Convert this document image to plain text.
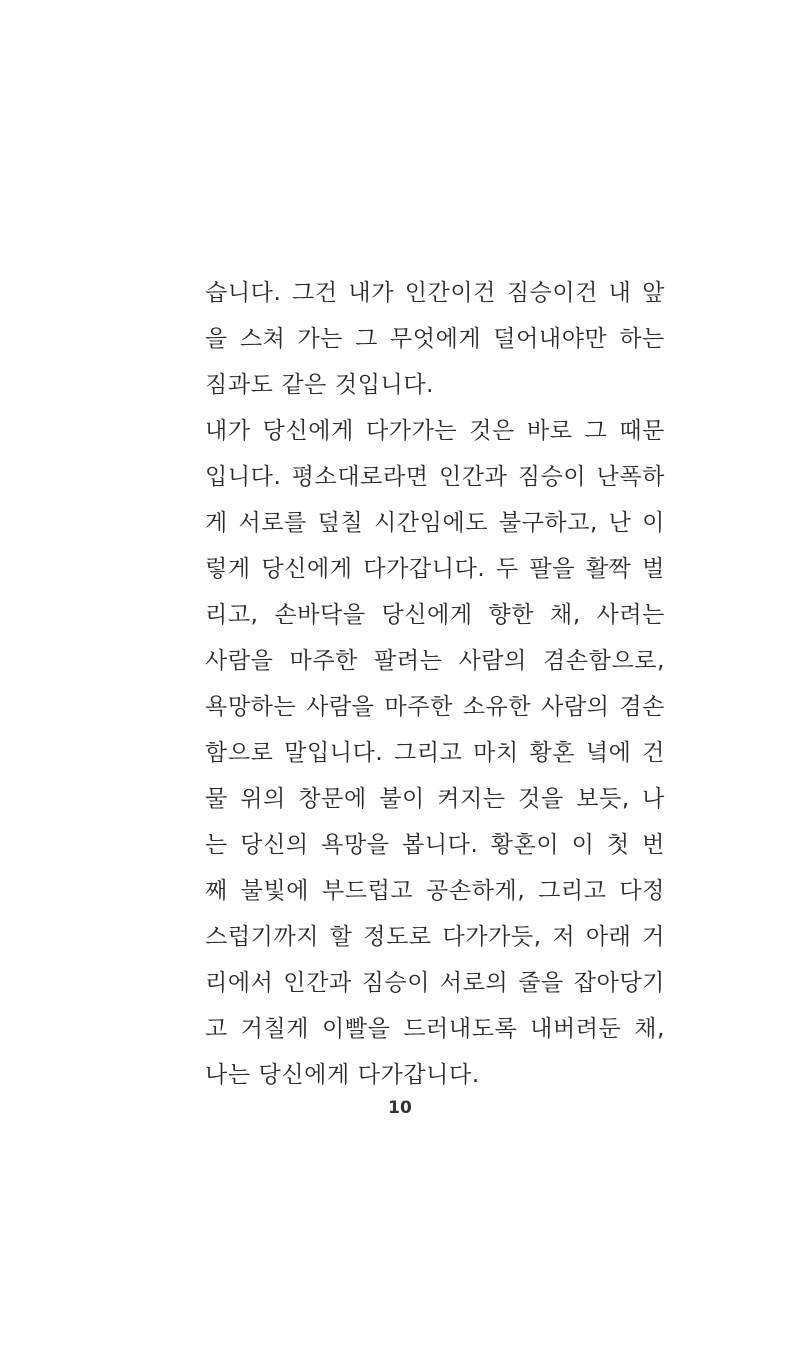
습니다. 그건 내가 인간이건 짐승이건 내 앞
을 스쳐 가는 그 무엇에게 덜어내야만 하는
짐과도 같은 것입니다.
내가 당신에게 다가가는 것은 바로 그 때문
입니다. 평소대로라면 인간과 짐승이 난폭하
게 서로를 덮칠 시간임에도 불구하고, 난 이
렇게 당신에게 다가갑니다. 두 팔을 활짝 벌
리고, 손바닥을 당신에게 향한 채, 사려는
사람을 마주한 팔려는 사람의 겸손함으로,
욕망하는 사람을 마주한 소유한 사람의 겸손
함으로 말입니다. 그리고 마치 황혼 녘에 건
물 위의 창문에 불이 켜지는 것을 보듯, 나
는 당신의 욕망을 봅니다. 황혼이 이 첫 번
째 불빛에 부드럽고 공손하게, 그리고 다정
스럽기까지 할 정도로 다가가듯, 저 아래 거
리에서 인간과 짐승이 서로의 줄을 잡아당기
고 거칠게 이빨을 드러내도록 내버려둔 채,
나는 당신에게 다가갑니다.
10
